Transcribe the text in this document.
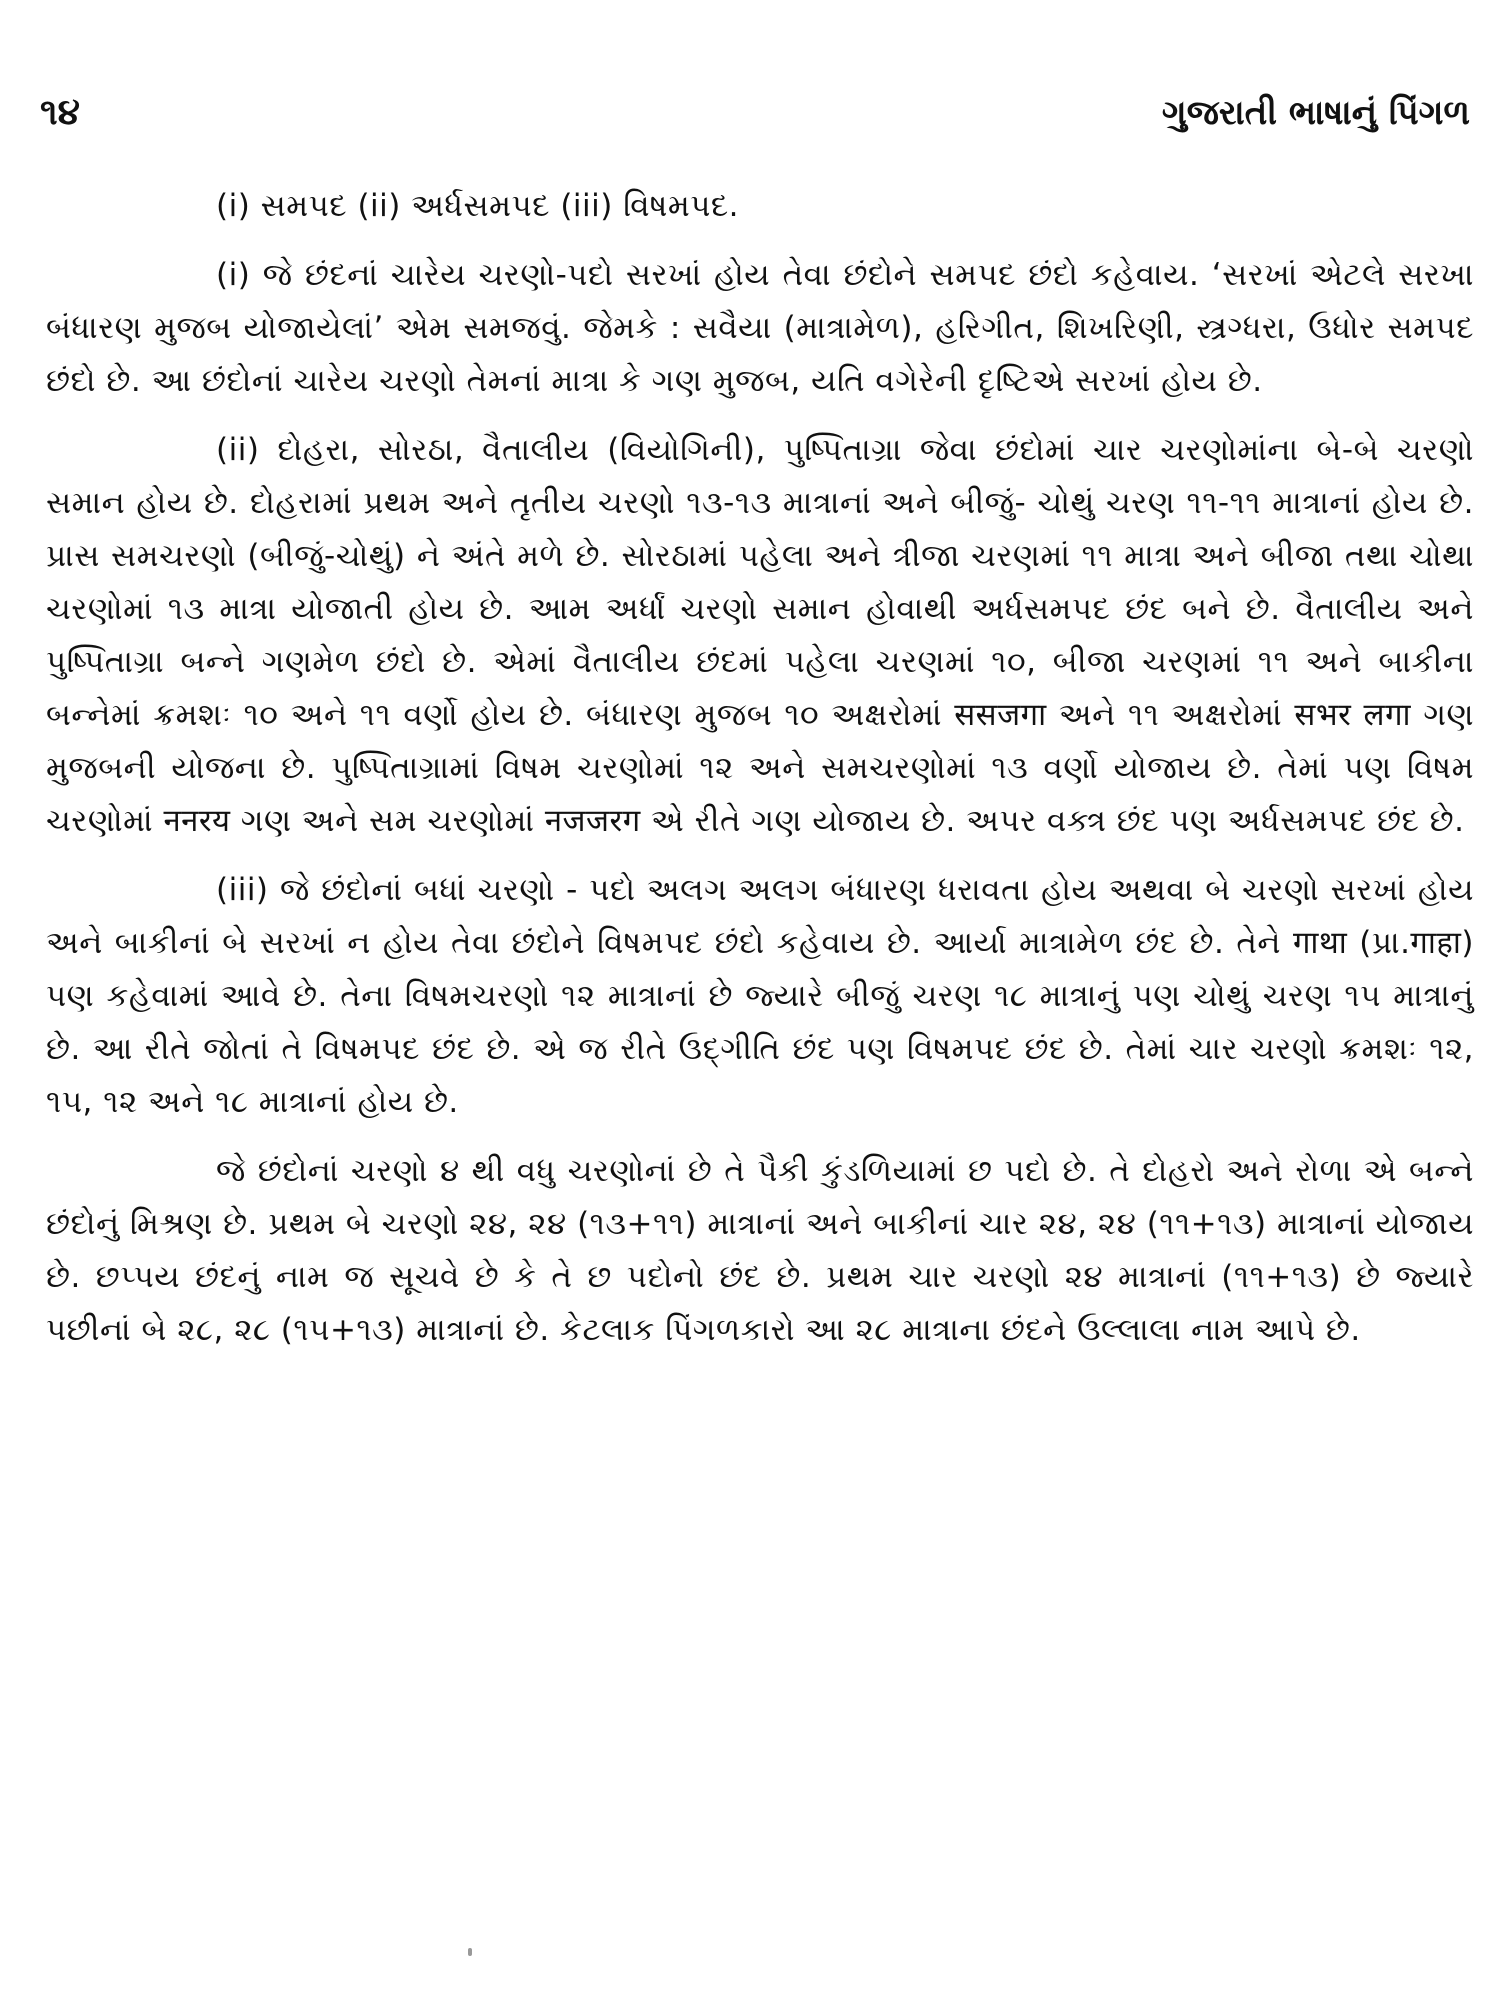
૧૪	ગુજરાતી ભાષાનું પિંગળ

(i) સમપદ (ii) અર્ધસમપદ (iii) વિષમપદ.

(i) જે છંદનાં ચારેય ચરણો-પદો સરખાં હોય તેવા છંદોને સમપદ છંદો કહેવાય. ‘સરખાં એટલે સરખા બંધારણ મુજબ યોજાયેલાં’ એમ સમજવું. જેમકે : સવૈયા (માત્રામેળ), હરિગીત, શિખરિણી, સ્ત્રગ્ધરા, ઉધોર સમપદ છંદો છે. આ છંદોનાં ચારેય ચરણો તેમનાં માત્રા કે ગણ મુજબ, યતિ વગેરેની દૃષ્ટિએ સરખાં હોય છે.

(ii) દોહરા, સોરઠા, વૈતાલીય (વિયોગિની), પુષ્પિતાગ્રા જેવા છંદોમાં ચાર ચરણોમાંના બે-બે ચરણો સમાન હોય છે. દોહરામાં પ્રથમ અને તૃતીય ચરણો ૧૩-૧૩ માત્રાનાં અને બીજું- ચોથું ચરણ ૧૧-૧૧ માત્રાનાં હોય છે. પ્રાસ સમચરણો (બીજું-ચોથું) ને અંતે મળે છે. સોરઠામાં પહેલા અને ત્રીજા ચરણમાં ૧૧ માત્રા અને બીજા તથા ચોથા ચરણોમાં ૧૩ માત્રા યોજાતી હોય છે. આમ અર્ધાં ચરણો સમાન હોવાથી અર્ધસમપદ છંદ બને છે. વૈતાલીય અને પુષ્પિતાગ્રા બન્ને ગણમેળ છંદો છે. એમાં વૈતાલીય છંદમાં પહેલા ચરણમાં ૧૦, બીજા ચરણમાં ૧૧ અને બાકીના બન્નેમાં ક્રમશઃ ૧૦ અને ૧૧ વર્ણો હોય છે. બંધારણ મુજબ ૧૦ અક્ષરોમાં ससजगा અને ૧૧ અક્ષરોમાં सभर लगा ગણ મુજબની યોજના છે. પુષ્પિતાગ્રામાં વિષમ ચરણોમાં ૧૨ અને સમચરણોમાં ૧૩ વર્ણો યોજાય છે. તેમાં પણ વિષમ ચરણોમાં ननरय ગણ અને સમ ચરણોમાં नजजरग એ રીતે ગણ યોજાય છે. અપર વક્ત્ર છંદ પણ અર્ધસમપદ છંદ છે.

(iii) જે છંદોનાં બધાં ચરણો - પદો અલગ અલગ બંધારણ ધરાવતા હોય અથવા બે ચરણો સરખાં હોય અને બાકીનાં બે સરખાં ન હોય તેવા છંદોને વિષમપદ છંદો કહેવાય છે. આર્યા માત્રામેળ છંદ છે. તેને गाथा (પ્રા.गाहा) પણ કહેવામાં આવે છે. તેના વિષમચરણો ૧૨ માત્રાનાં છે જ્યારે બીજું ચરણ ૧૮ માત્રાનું પણ ચોથું ચરણ ૧૫ માત્રાનું છે. આ રીતે જોતાં તે વિષમપદ છંદ છે. એ જ રીતે ઉદ્‌ગીતિ છંદ પણ વિષમપદ છંદ છે. તેમાં ચાર ચરણો ક્રમશઃ ૧૨, ૧૫, ૧૨ અને ૧૮ માત્રાનાં હોય છે.

જે છંદોનાં ચરણો ૪ થી વધુ ચરણોનાં છે તે પૈકી કુંડળિયામાં છ પદો છે. તે દોહરો અને રોળા એ બન્ને છંદોનું મિશ્રણ છે. પ્રથમ બે ચરણો ૨૪, ૨૪ (૧૩+૧૧) માત્રાનાં અને બાકીનાં ચાર ૨૪, ૨૪ (૧૧+૧૩) માત્રાનાં યોજાય છે. છપ્પય છંદનું નામ જ સૂચવે છે કે તે છ પદોનો છંદ છે. પ્રથમ ચાર ચરણો ૨૪ માત્રાનાં (૧૧+૧૩) છે જ્યારે પછીનાં બે ૨૮, ૨૮ (૧૫+૧૩) માત્રાનાં છે. કેટલાક પિંગળકારો આ ૨૮ માત્રાના છંદને ઉલ્લાલા નામ આપે છે.
